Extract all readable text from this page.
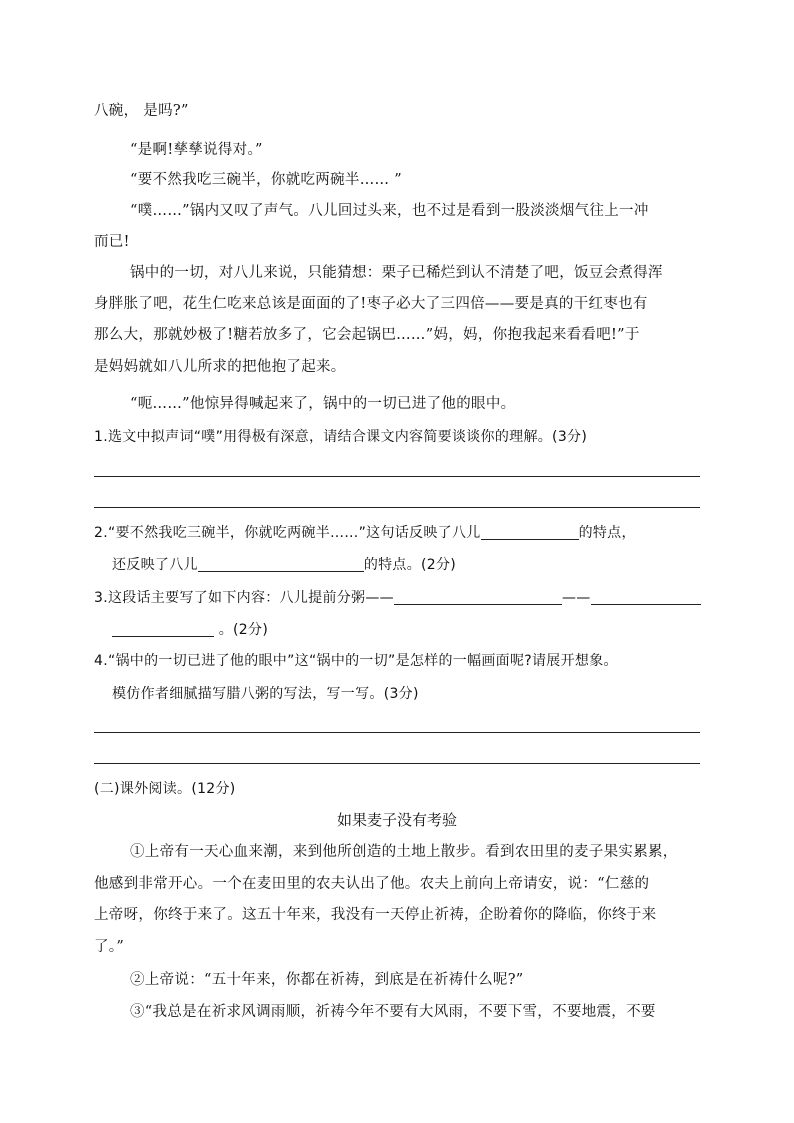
八碗， 是吗?”
“是啊!孳孳说得对。”
“要不然我吃三碗半，你就吃两碗半…… ”
“噗……”锅内又叹了声气。八儿回过头来，也不过是看到一股淡淡烟气往上一冲
而已!
锅中的一切，对八儿来说，只能猜想：栗子已稀烂到认不清楚了吧，饭豆会煮得浑
身胖胀了吧，花生仁吃来总该是面面的了!枣子必大了三四倍——要是真的干红枣也有
那么大，那就妙极了!糖若放多了，它会起锅巴……”妈，妈，你抱我起来看看吧!”于
是妈妈就如八儿所求的把他抱了起来。
“呃……”他惊异得喊起来了，锅中的一切已进了他的眼中。
1.选文中拟声词“噗”用得极有深意，请结合课文内容简要谈谈你的理解。(3分)
2.“要不然我吃三碗半，你就吃两碗半……”这句话反映了八儿	的特点，
还反映了八儿	的特点。(2分)
3.这段话主要写了如下内容：八儿提前分粥——	——
。(2分)
4.“锅中的一切已进了他的眼中”这“锅中的一切”是怎样的一幅画面呢?请展开想象。
模仿作者细腻描写腊八粥的写法，写一写。(3分)
(二)课外阅读。(12分)
如果麦子没有考验
①上帝有一天心血来潮，来到他所创造的土地上散步。看到农田里的麦子果实累累，
他感到非常开心。一个在麦田里的农夫认出了他。农夫上前向上帝请安，说：“仁慈的
上帝呀，你终于来了。这五十年来，我没有一天停止祈祷，企盼着你的降临，你终于来
了。”
②上帝说：“五十年来，你都在祈祷，到底是在祈祷什么呢?”
③“我总是在祈求风调雨顺，祈祷今年不要有大风雨，不要下雪，不要地震，不要
